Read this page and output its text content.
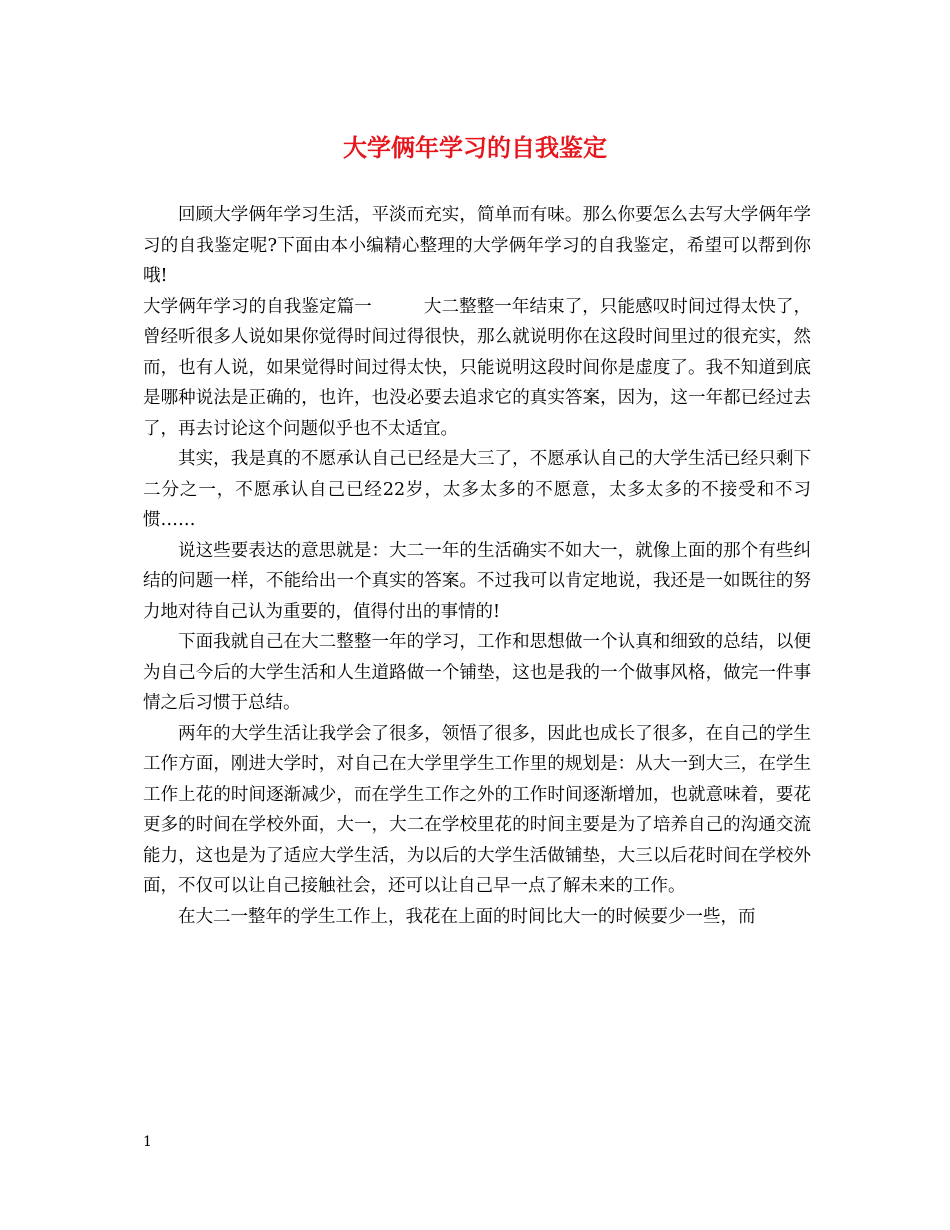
大学俩年学习的自我鉴定

回顾大学俩年学习生活，平淡而充实，简单而有味。那么你要怎么去写大学俩年学习的自我鉴定呢?下面由本小编精心整理的大学俩年学习的自我鉴定，希望可以帮到你哦!

大学俩年学习的自我鉴定篇一	大二整整一年结束了，只能感叹时间过得太快了，曾经听很多人说如果你觉得时间过得很快，那么就说明你在这段时间里过的很充实，然而，也有人说，如果觉得时间过得太快，只能说明这段时间你是虚度了。我不知道到底是哪种说法是正确的，也许，也没必要去追求它的真实答案，因为，这一年都已经过去了，再去讨论这个问题似乎也不太适宜。

其实，我是真的不愿承认自己已经是大三了，不愿承认自己的大学生活已经只剩下二分之一，不愿承认自己已经22岁，太多太多的不愿意，太多太多的不接受和不习惯……

说这些要表达的意思就是：大二一年的生活确实不如大一，就像上面的那个有些纠结的问题一样，不能给出一个真实的答案。不过我可以肯定地说，我还是一如既往的努力地对待自己认为重要的，值得付出的事情的!

下面我就自己在大二整整一年的学习，工作和思想做一个认真和细致的总结，以便为自己今后的大学生活和人生道路做一个铺垫，这也是我的一个做事风格，做完一件事情之后习惯于总结。

两年的大学生活让我学会了很多，领悟了很多，因此也成长了很多，在自己的学生工作方面，刚进大学时，对自己在大学里学生工作里的规划是：从大一到大三，在学生工作上花的时间逐渐减少，而在学生工作之外的工作时间逐渐增加，也就意味着，要花更多的时间在学校外面，大一，大二在学校里花的时间主要是为了培养自己的沟通交流能力，这也是为了适应大学生活，为以后的大学生活做铺垫，大三以后花时间在学校外面，不仅可以让自己接触社会，还可以让自己早一点了解未来的工作。

在大二一整年的学生工作上，我花在上面的时间比大一的时候要少一些，而

1
